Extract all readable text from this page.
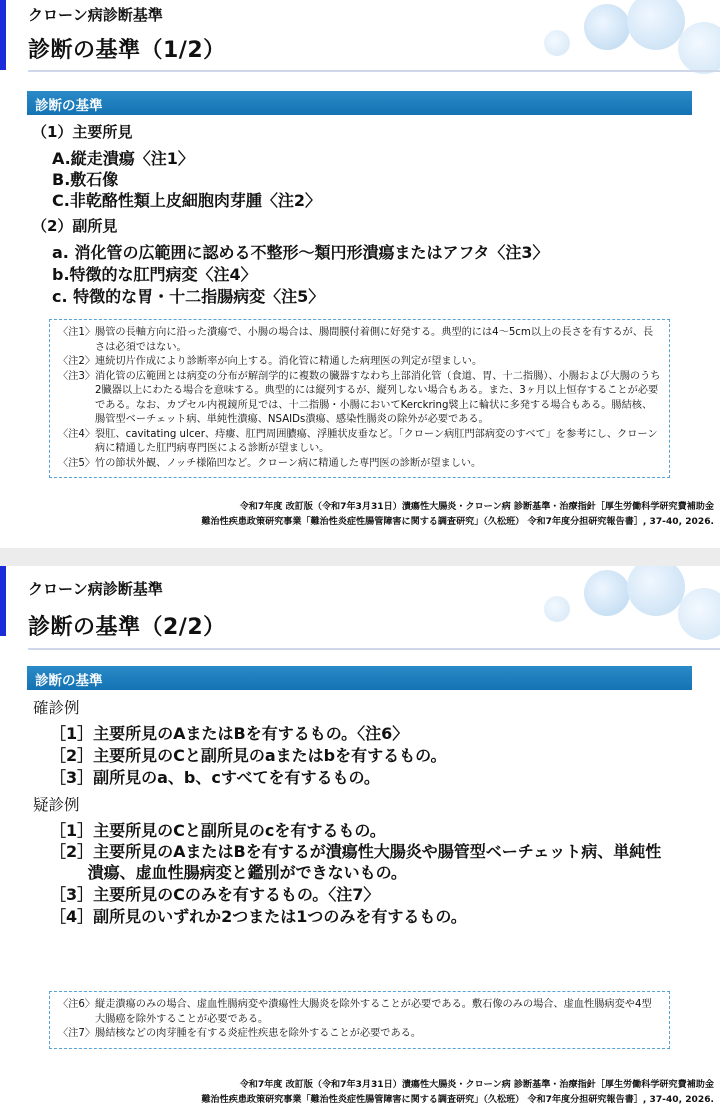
クローン病診断基準
診断の基準（1/2）
診断の基準
（1）主要所見
A.縦走潰瘍〈注1〉
B.敷石像
C.非乾酪性類上皮細胞肉芽腫〈注2〉
（2）副所見
a. 消化管の広範囲に認める不整形～類円形潰瘍またはアフタ〈注3〉
b.特徴的な肛門病変〈注4〉
c. 特徴的な胃・十二指腸病変〈注5〉
〈注1〉 腸管の長軸方向に沿った潰瘍で、小腸の場合は、腸間膜付着側に好発する。典型的には4～5cm以上の長さを有するが、長さは必須ではない。
〈注2〉 連続切片作成により診断率が向上する。消化管に精通した病理医の判定が望ましい。
〈注3〉 消化管の広範囲とは病変の分布が解剖学的に複数の臓器すなわち上部消化管（食道、胃、十二指腸）、小腸および大腸のうち2臓器以上にわたる場合を意味する。典型的には縦列するが、縦列しない場合もある。また、3ヶ月以上恒存することが必要である。なお、カプセル内視鏡所見では、十二指腸・小腸においてKerckring襞上に輪状に多発する場合もある。腸結核、腸管型ベーチェット病、単純性潰瘍、NSAIDs潰瘍、感染性腸炎の除外が必要である。
〈注4〉 裂肛、cavitating ulcer、痔瘻、肛門周囲膿瘍、浮腫状皮垂など。「クローン病肛門部病変のすべて」を参考にし、クローン病に精通した肛門病専門医による診断が望ましい。
〈注5〉 竹の節状外観、ノッチ様陥凹など。クローン病に精通した専門医の診断が望ましい。
令和7年度 改訂版（令和7年3月31日）潰瘍性大腸炎・クローン病 診断基準・治療指針［厚生労働科学研究費補助金
難治性疾患政策研究事業「難治性炎症性腸管障害に関する調査研究」（久松班） 令和7年度分担研究報告書］, 37-40, 2026.
クローン病診断基準
診断の基準（2/2）
診断の基準
確診例
［1］主要所見のAまたはBを有するもの。〈注6〉
［2］主要所見のCと副所見のaまたはbを有するもの。
［3］副所見のa、b、cすべてを有するもの。
疑診例
［1］主要所見のCと副所見のcを有するもの。
［2］主要所見のAまたはBを有するが潰瘍性大腸炎や腸管型ベーチェット病、単純性
　　 潰瘍、虚血性腸病変と鑑別ができないもの。
［3］主要所見のCのみを有するもの。〈注7〉
［4］副所見のいずれか2つまたは1つのみを有するもの。
〈注6〉 縦走潰瘍のみの場合、虚血性腸病変や潰瘍性大腸炎を除外することが必要である。敷石像のみの場合、虚血性腸病変や4型大腸癌を除外することが必要である。
〈注7〉 腸結核などの肉芽腫を有する炎症性疾患を除外することが必要である。
令和7年度 改訂版（令和7年3月31日）潰瘍性大腸炎・クローン病 診断基準・治療指針［厚生労働科学研究費補助金
難治性疾患政策研究事業「難治性炎症性腸管障害に関する調査研究」（久松班） 令和7年度分担研究報告書］, 37-40, 2026.
